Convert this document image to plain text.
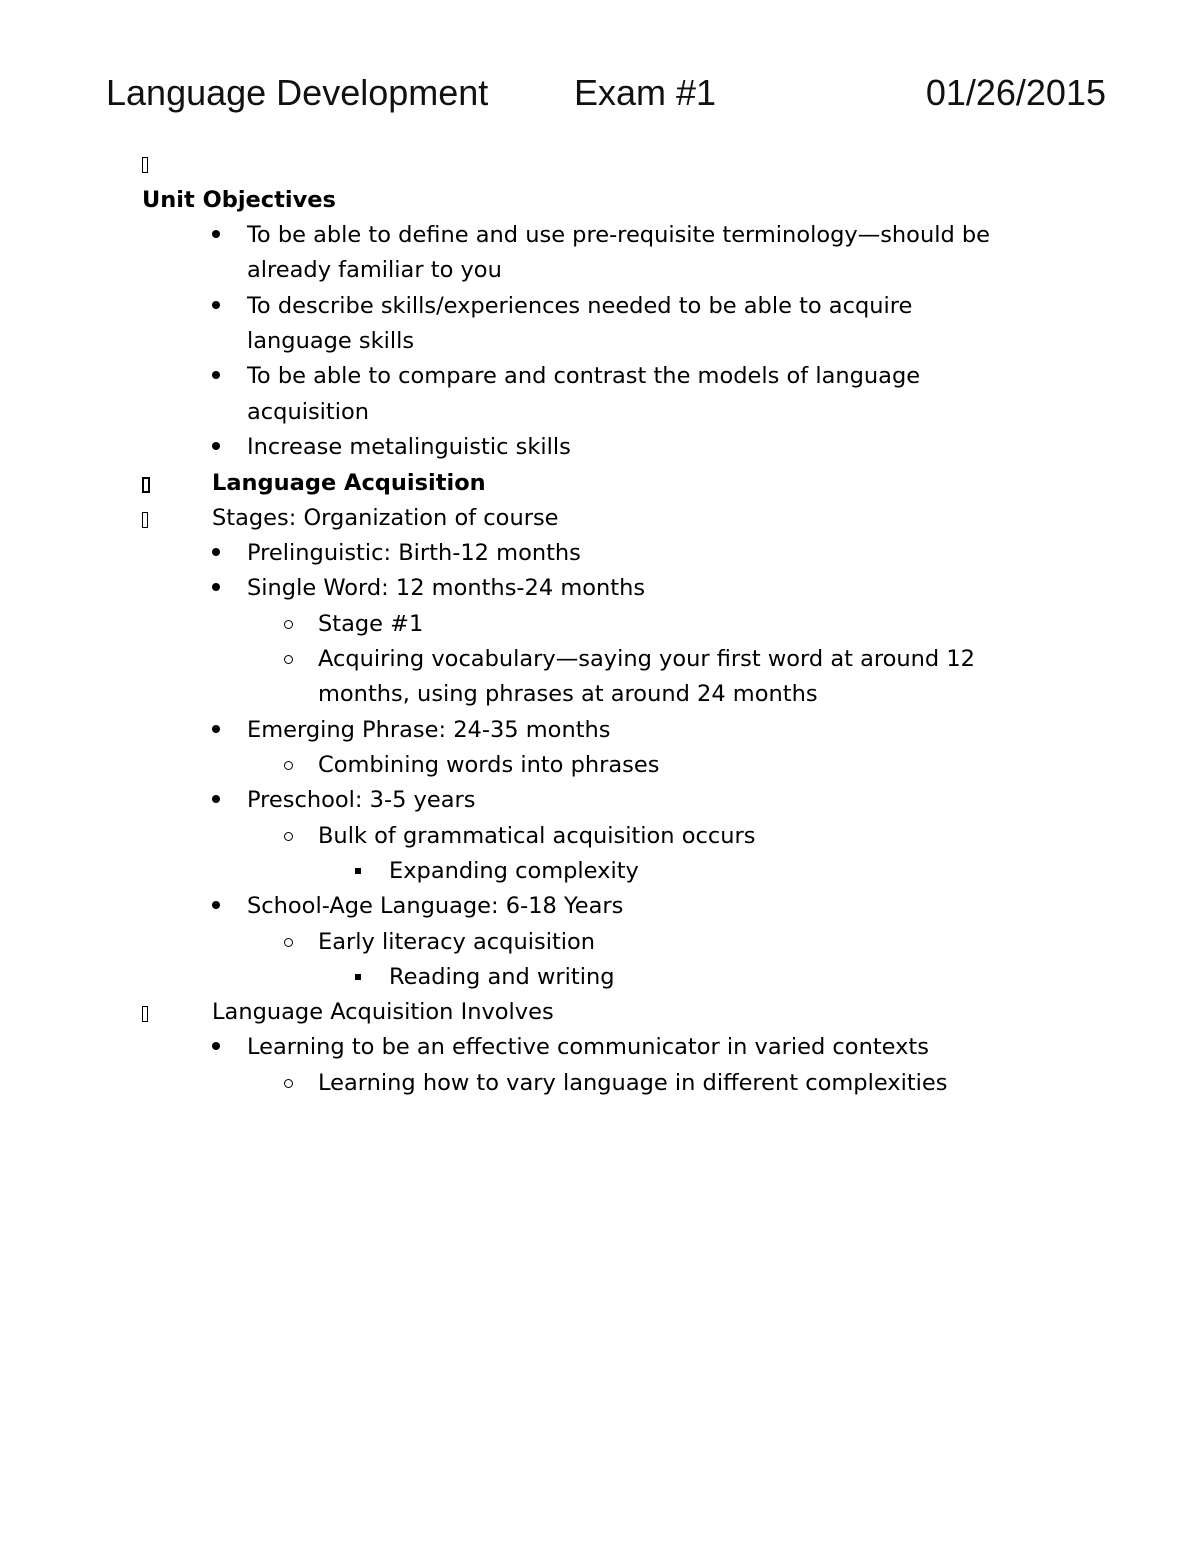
Language Development Exam #1	01/26/2015
Unit Objectives
To be able to define and use pre-requisite terminology—should be
already familiar to you
To describe skills/experiences needed to be able to acquire
language skills
To be able to compare and contrast the models of language
acquisition
Increase metalinguistic skills
Language Acquisition
Stages: Organization of course
Prelinguistic: Birth-12 months
Single Word: 12 months-24 months
Stage #1
Acquiring vocabulary—saying your first word at around 12
months, using phrases at around 24 months
Emerging Phrase: 24-35 months
Combining words into phrases
Preschool: 3-5 years
Bulk of grammatical acquisition occurs
Expanding complexity
School-Age Language: 6-18 Years
Early literacy acquisition
Reading and writing
Language Acquisition Involves
Learning to be an effective communicator in varied contexts
Learning how to vary language in different complexities
